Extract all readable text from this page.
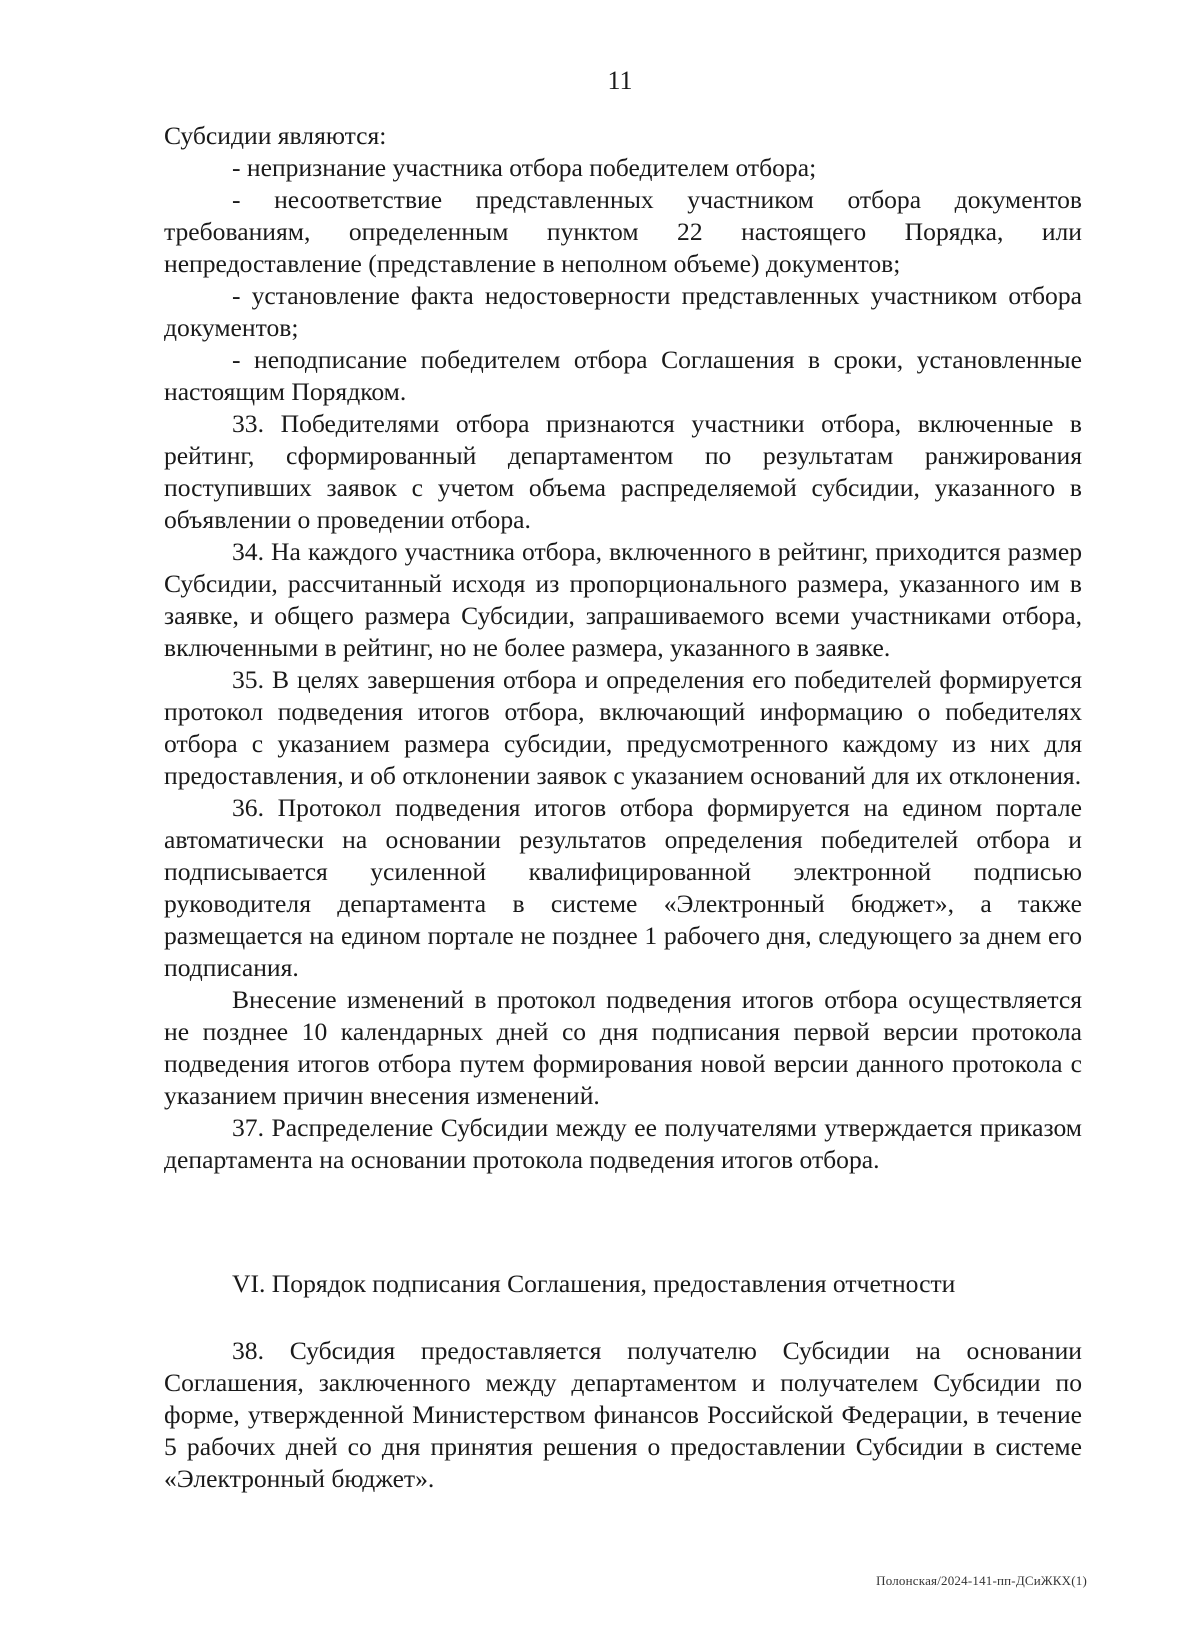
11

Субсидии являются:

- непризнание участника отбора победителем отбора;

- несоответствие представленных участником отбора документов требованиям, определенным пунктом 22 настоящего Порядка, или непредоставление (представление в неполном объеме) документов;

- установление факта недостоверности представленных участником отбора документов;

- неподписание победителем отбора Соглашения в сроки, установленные настоящим Порядком.

33. Победителями отбора признаются участники отбора, включенные в рейтинг, сформированный департаментом по результатам ранжирования поступивших заявок с учетом объема распределяемой субсидии, указанного в объявлении о проведении отбора.

34. На каждого участника отбора, включенного в рейтинг, приходится размер Субсидии, рассчитанный исходя из пропорционального размера, указанного им в заявке, и общего размера Субсидии, запрашиваемого всеми участниками отбора, включенными в рейтинг, но не более размера, указанного в заявке.

35. В целях завершения отбора и определения его победителей формируется протокол подведения итогов отбора, включающий информацию о победителях отбора с указанием размера субсидии, предусмотренного каждому из них для предоставления, и об отклонении заявок с указанием оснований для их отклонения.

36. Протокол подведения итогов отбора формируется на едином портале автоматически на основании результатов определения победителей отбора и подписывается усиленной квалифицированной электронной подписью руководителя департамента в системе «Электронный бюджет», а также размещается на едином портале не позднее 1 рабочего дня, следующего за днем его подписания.

Внесение изменений в протокол подведения итогов отбора осуществляется не позднее 10 календарных дней со дня подписания первой версии протокола подведения итогов отбора путем формирования новой версии данного протокола с указанием причин внесения изменений.

37. Распределение Субсидии между ее получателями утверждается приказом департамента на основании протокола подведения итогов отбора.

VI. Порядок подписания Соглашения, предоставления отчетности

38. Субсидия предоставляется получателю Субсидии на основании Соглашения, заключенного между департаментом и получателем Субсидии по форме, утвержденной Министерством финансов Российской Федерации, в течение 5 рабочих дней со дня принятия решения о предоставлении Субсидии в системе «Электронный бюджет».

Полонская/2024-141-пп-ДСиЖКХ(1)
